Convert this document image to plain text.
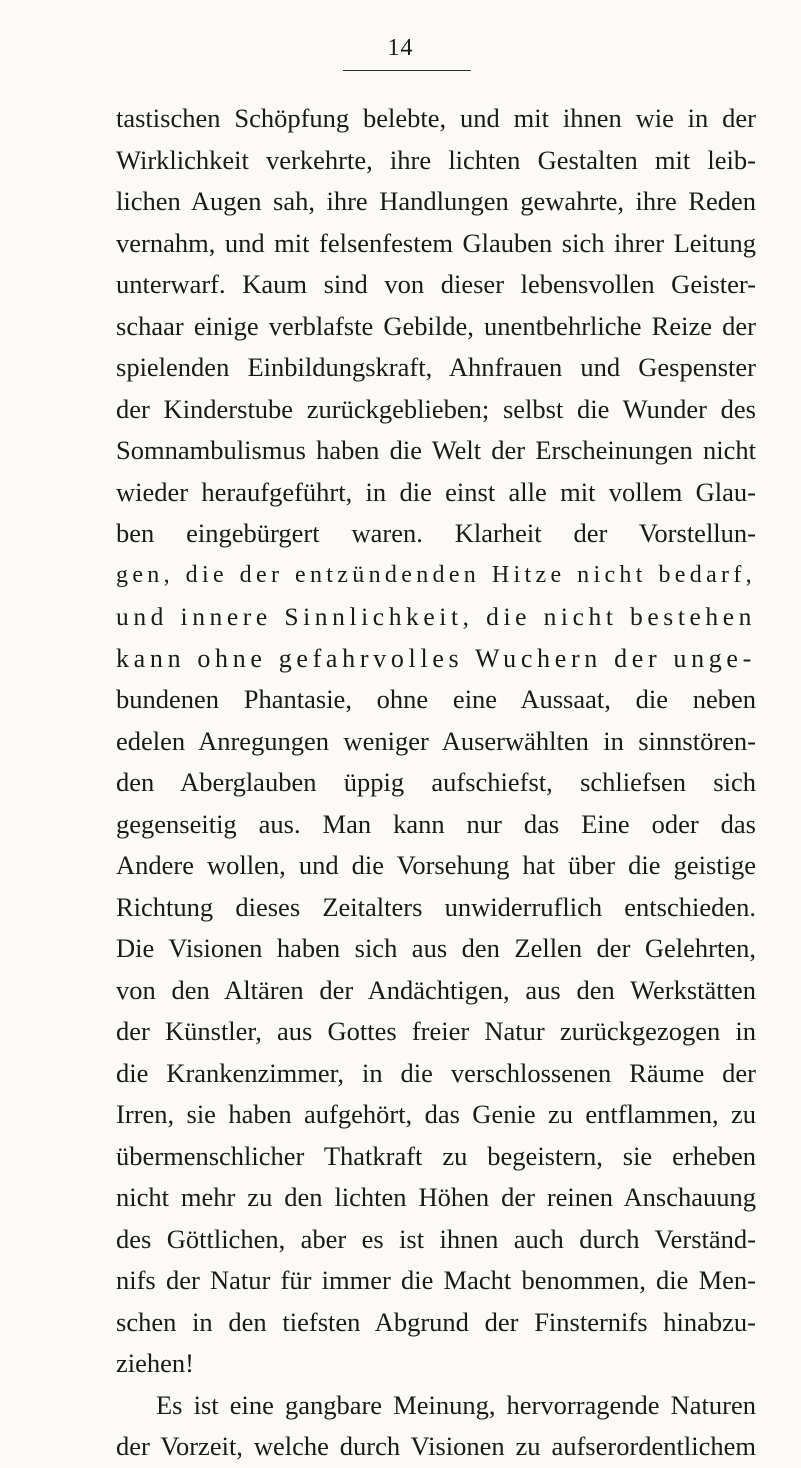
14
tastischen Schöpfung belebte, und mit ihnen wie in der
Wirklichkeit verkehrte, ihre lichten Gestalten mit leib-
lichen Augen sah, ihre Handlungen gewahrte, ihre Reden
vernahm, und mit felsenfestem Glauben sich ihrer Leitung
unterwarf. Kaum sind von dieser lebensvollen Geister-
schaar einige verblafste Gebilde, unentbehrliche Reize der
spielenden Einbildungskraft, Ahnfrauen und Gespenster
der Kinderstube zurückgeblieben; selbst die Wunder des
Somnambulismus haben die Welt der Erscheinungen nicht
wieder heraufgeführt, in die einst alle mit vollem Glau-
ben eingebürgert waren. Klarheit der Vorstellun-
gen, die der entzündenden Hitze nicht bedarf,
und innere Sinnlichkeit, die nicht bestehen
kann ohne gefahrvolles Wuchern der unge-
bundenen Phantasie, ohne eine Aussaat, die neben
edelen Anregungen weniger Auserwählten in sinnstören-
den Aberglauben üppig aufschiefst, schliefsen sich
gegenseitig aus. Man kann nur das Eine oder das
Andere wollen, und die Vorsehung hat über die geistige
Richtung dieses Zeitalters unwiderruflich entschieden.
Die Visionen haben sich aus den Zellen der Gelehrten,
von den Altären der Andächtigen, aus den Werkstätten
der Künstler, aus Gottes freier Natur zurückgezogen in
die Krankenzimmer, in die verschlossenen Räume der
Irren, sie haben aufgehört, das Genie zu entflammen, zu
übermenschlicher Thatkraft zu begeistern, sie erheben
nicht mehr zu den lichten Höhen der reinen Anschauung
des Göttlichen, aber es ist ihnen auch durch Verständ-
nifs der Natur für immer die Macht benommen, die Men-
schen in den tiefsten Abgrund der Finsternifs hinabzu-
ziehen!
Es ist eine gangbare Meinung, hervorragende Naturen
der Vorzeit, welche durch Visionen zu aufserordentlichem
